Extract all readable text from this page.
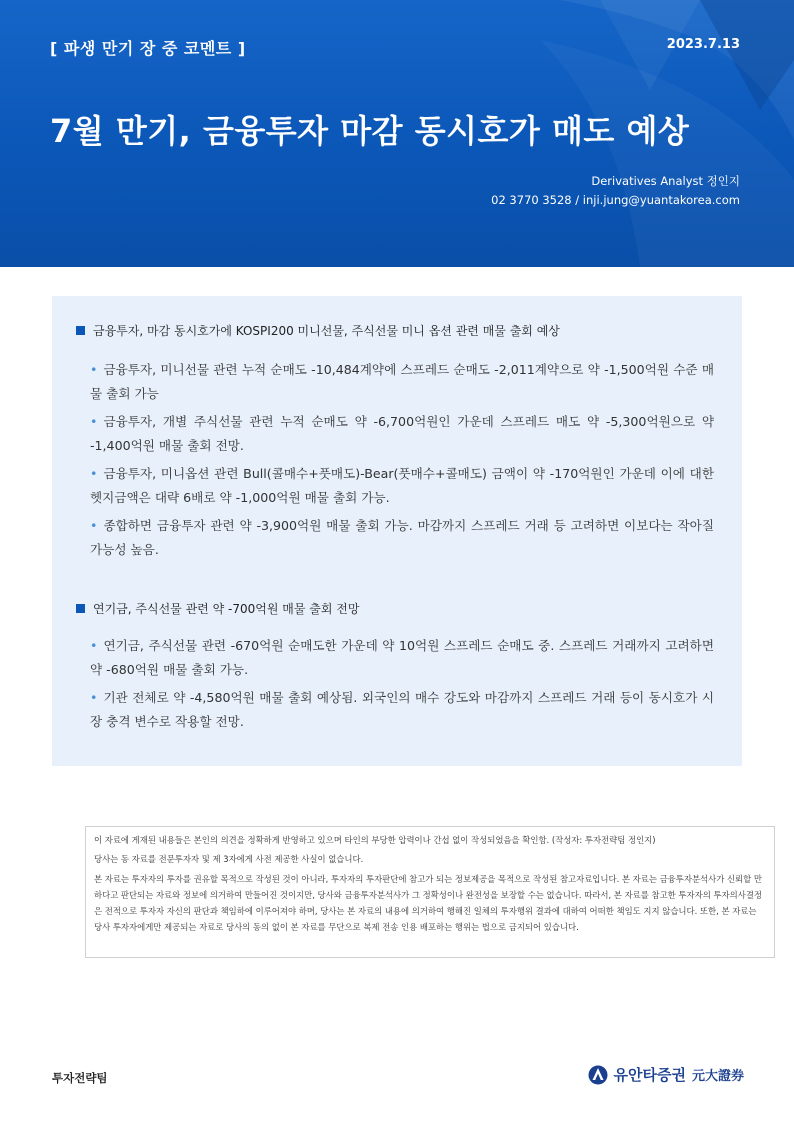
[ 파생 만기 장 중 코멘트 ]	2023.7.13
7월 만기, 금융투자 마감 동시호가 매도 예상
Derivatives Analyst 정인지
02 3770 3528 / inji.jung@yuantakorea.com
금융투자, 마감 동시호가에 KOSPI200 미니선물, 주식선물 미니 옵션 관련 매물 출회 예상

• 금융투자, 미니선물 관련 누적 순매도 -10,484계약에 스프레드 순매도 -2,011계약으로 약 -1,500억원 수준 매물 출회 가능

• 금융투자, 개별 주식선물 관련 누적 순매도 약 -6,700억원인 가운데 스프레드 매도 약 -5,300억원으로 약 -1,400억원 매물 출회 전망.

• 금융투자, 미니옵션 관련 Bull(콜매수+풋매도)-Bear(풋매수+콜매도) 금액이 약 -170억원인 가운데 이에 대한 헷지금액은 대략 6배로 약 -1,000억원 매물 출회 가능.

• 종합하면 금융투자 관련 약 -3,900억원 매물 출회 가능. 마감까지 스프레드 거래 등 고려하면 이보다는 작아질 가능성 높음.

연기금, 주식선물 관련 약 -700억원 매물 출회 전망

• 연기금, 주식선물 관련 -670억원 순매도한 가운데 약 10억원 스프레드 순매도 중. 스프레드 거래까지 고려하면 약 -680억원 매물 출회 가능.

• 기관 전체로 약 -4,580억원 매물 출회 예상됨. 외국인의 매수 강도와 마감까지 스프레드 거래 등이 동시호가 시장 충격 변수로 작용할 전망.

이 자료에 게재된 내용들은 본인의 의견을 정확하게 반영하고 있으며 타인의 부당한 압력이나 간섭 없이 작성되었음을 확인함. (작성자: 투자전략팀 정인지)

당사는 동 자료를 전문투자자 및 제 3자에게 사전 제공한 사실이 없습니다.

본 자료는 투자자의 투자를 권유할 목적으로 작성된 것이 아니라, 투자자의 투자판단에 참고가 되는 정보제공을 목적으로 작성된 참고자료입니다. 본 자료는 금융투자분석사가 신뢰할 만하다고 판단되는 자료와 정보에 의거하여 만들어진 것이지만, 당사와 금융투자분석사가 그 정확성이나 완전성을 보장할 수는 없습니다. 따라서, 본 자료를 참고한 투자자의 투자의사결정은 전적으로 투자자 자신의 판단과 책임하에 이루어져야 하며, 당사는 본 자료의 내용에 의거하여 행해진 일체의 투자행위 결과에 대하여 어떠한 책임도 지지 않습니다. 또한, 본 자료는 당사 투자자에게만 제공되는 자료로 당사의 동의 없이 본 자료를 무단으로 복제 전송 인용 배포하는 행위는 법으로 금지되어 있습니다.

투자전략팀	유안타증권 元大證券
